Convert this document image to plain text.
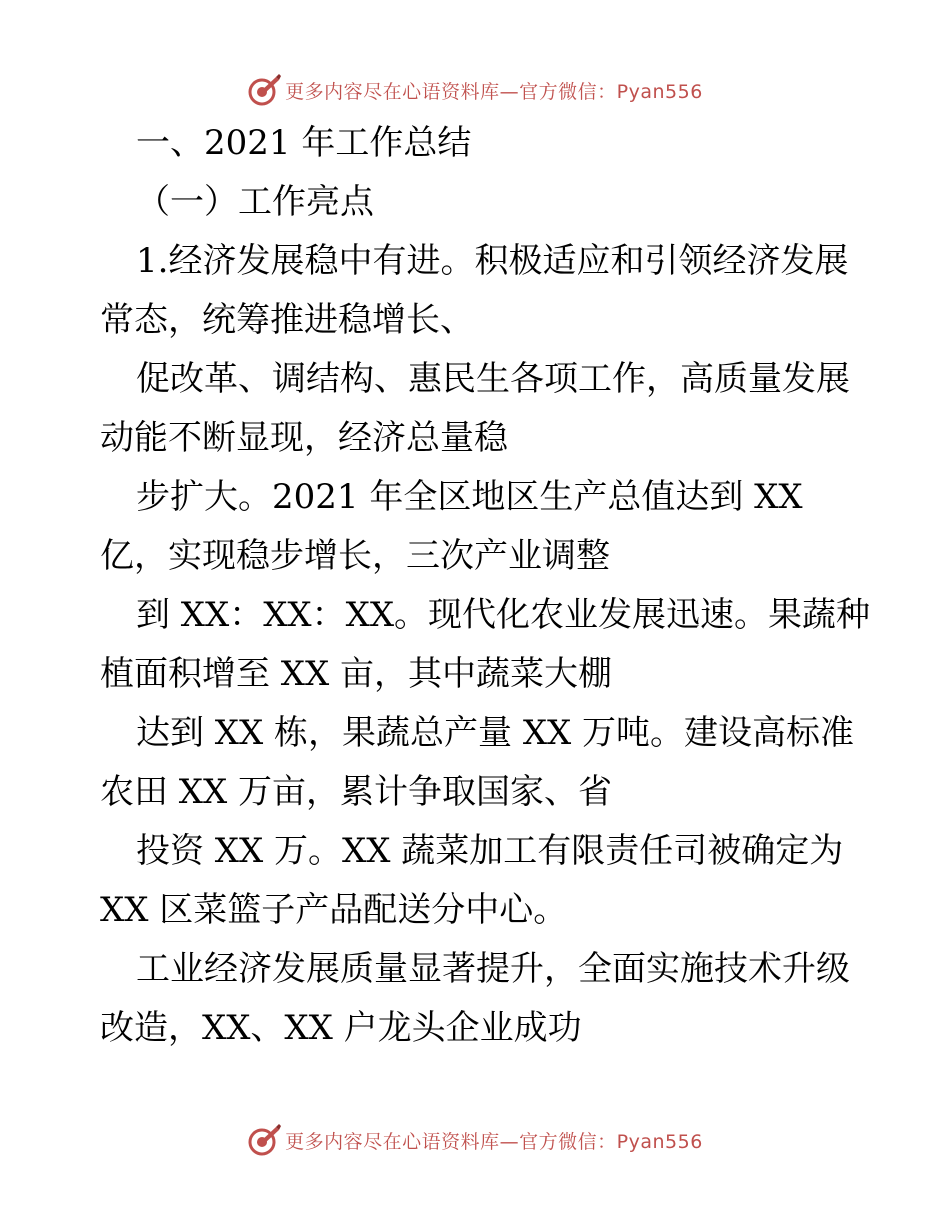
更多内容尽在心语资料库—官方微信：Pyan556

一、2021 年工作总结

（一）工作亮点

1.经济发展稳中有进。积极适应和引领经济发展

常态，统筹推进稳增长、

促改革、调结构、惠民生各项工作，高质量发展

动能不断显现，经济总量稳

步扩大。2021 年全区地区生产总值达到 XX

亿，实现稳步增长，三次产业调整

到 XX：XX：XX。现代化农业发展迅速。果蔬种

植面积增至 XX 亩，其中蔬菜大棚

达到 XX 栋，果蔬总产量 XX 万吨。建设高标准

农田 XX 万亩，累计争取国家、省

投资 XX 万。XX 蔬菜加工有限责任司被确定为

XX 区菜篮子产品配送分中心。

工业经济发展质量显著提升，全面实施技术升级

改造，XX、XX 户龙头企业成功

更多内容尽在心语资料库—官方微信：Pyan556
